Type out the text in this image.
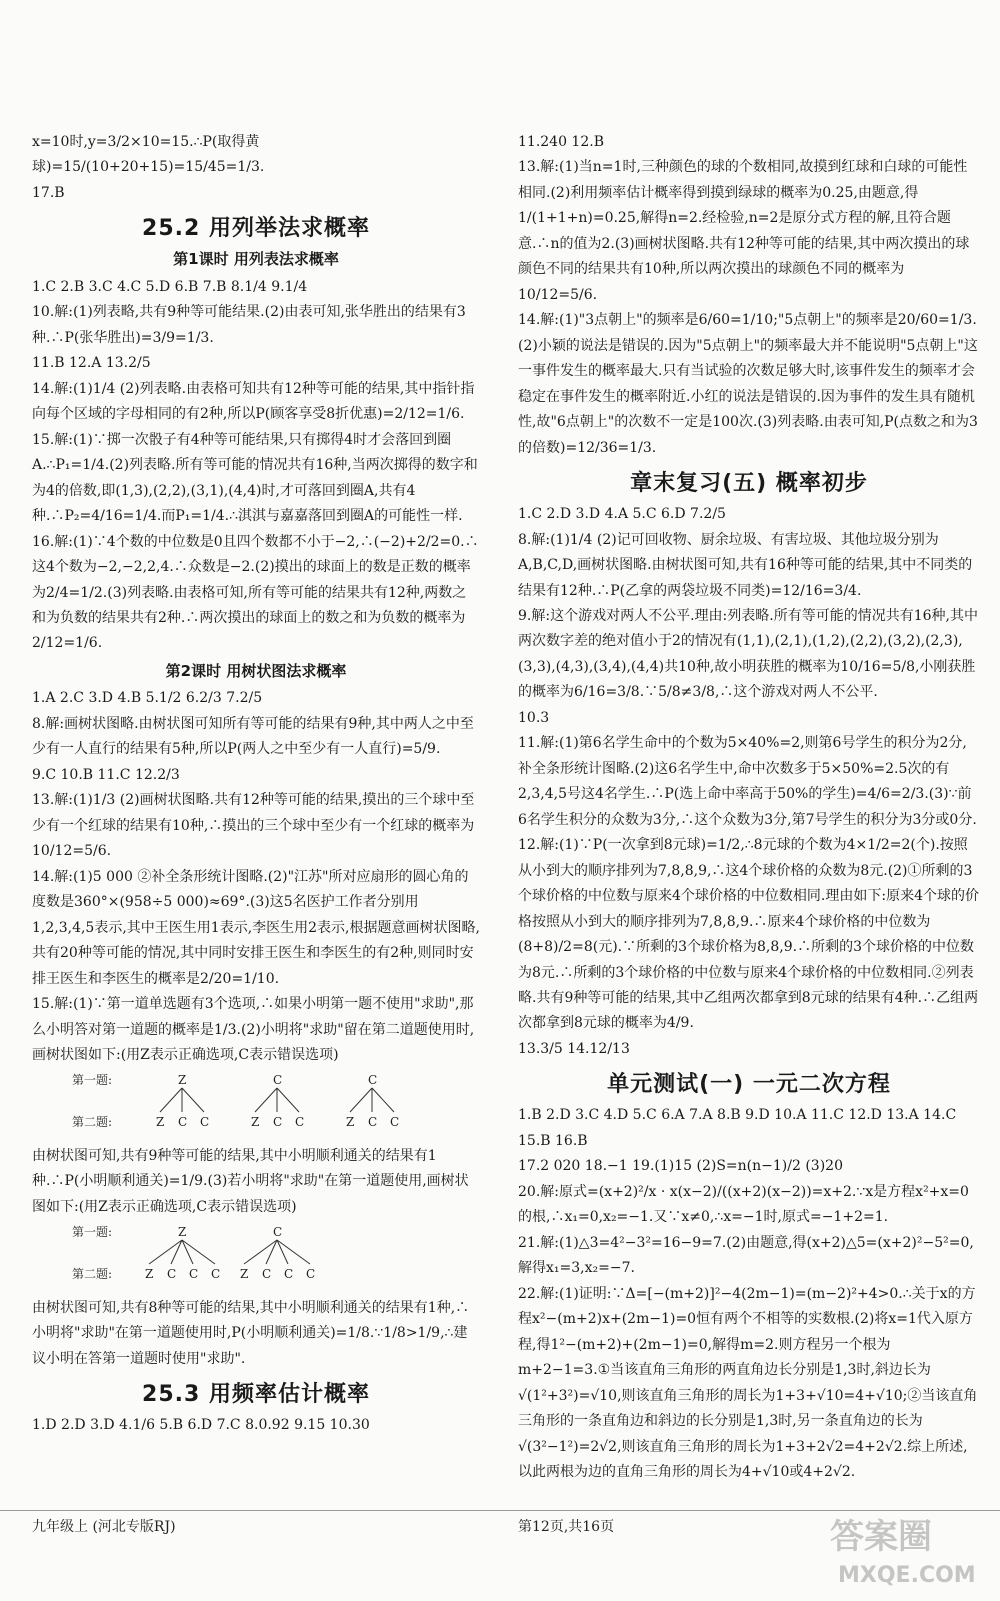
x=10时,y=3/2×10=15.∴P(取得黄球)=15/(10+20+15)=15/45=1/3.

17.B

25.2 用列举法求概率
第1课时 用列表法求概率

1.C 2.B 3.C 4.C 5.D 6.B 7.B 8.1/4 9.1/4

10.解:(1)列表略,共有9种等可能结果.(2)由表可知,张华胜出的结果有3种.∴P(张华胜出)=3/9=1/3.

11.B 12.A 13.2/5

14.解:(1)1/4 (2)列表略.由表格可知共有12种等可能的结果,其中指针指向每个区域的字母相同的有2种,所以P(顾客享受8折优惠)=2/12=1/6.

15.解:(1)∵掷一次骰子有4种等可能结果,只有掷得4时才会落回到圈A.∴P₁=1/4.(2)列表略.所有等可能的情况共有16种,当两次掷得的数字和为4的倍数,即(1,3),(2,2),(3,1),(4,4)时,才可落回到圈A,共有4种.∴P₂=4/16=1/4.而P₁=1/4.∴淇淇与嘉嘉落回到圈A的可能性一样.

16.解:(1)∵4个数的中位数是0且四个数都不小于−2,∴(−2)+2/2=0.∴这4个数为−2,−2,2,4.∴众数是−2.(2)摸出的球面上的数是正数的概率为2/4=1/2.(3)列表略.由表格可知,所有等可能的结果共有12种,两数之和为负数的结果共有2种.∴两次摸出的球面上的数之和为负数的概率为2/12=1/6.

第2课时 用树状图法求概率

1.A 2.C 3.D 4.B 5.1/2 6.2/3 7.2/5

8.解:画树状图略.由树状图可知所有等可能的结果有9种,其中两人之中至少有一人直行的结果有5种,所以P(两人之中至少有一人直行)=5/9.

9.C 10.B 11.C 12.2/3

13.解:(1)1/3 (2)画树状图略.共有12种等可能的结果,摸出的三个球中至少有一个红球的结果有10种,∴摸出的三个球中至少有一个红球的概率为10/12=5/6.

14.解:(1)5 000 ②补全条形统计图略.(2)"江苏"所对应扇形的圆心角的度数是360°×(958÷5 000)≈69°.(3)这5名医护工作者分别用1,2,3,4,5表示,其中王医生用1表示,李医生用2表示,根据题意画树状图略,共有20种等可能的情况,其中同时安排王医生和李医生的有2种,则同时安排王医生和李医生的概率是2/20=1/10.

15.解:(1)∵第一道单选题有3个选项,∴如果小明第一题不使用"求助",那么小明答对第一道题的概率是1/3.(2)小明将"求助"留在第二道题使用时,画树状图如下:(用Z表示正确选项,C表示错误选项)

第一题:
第二题:
Z
Z C C
C
Z C C
C
Z C C

由树状图可知,共有9种等可能的结果,其中小明顺利通关的结果有1种.∴P(小明顺利通关)=1/9.(3)若小明将"求助"在第一道题使用,画树状图如下:(用Z表示正确选项,C表示错误选项)

第一题:
第二题:
Z
Z C C C
C
Z C C C

由树状图可知,共有8种等可能的结果,其中小明顺利通关的结果有1种,∴小明将"求助"在第一道题使用时,P(小明顺利通关)=1/8.∵1/8>1/9,∴建议小明在答第一道题时使用"求助".

25.3 用频率估计概率

1.D 2.D 3.D 4.1/6 5.B 6.D 7.C 8.0.92 9.15 10.30

11.240 12.B

13.解:(1)当n=1时,三种颜色的球的个数相同,故摸到红球和白球的可能性相同.(2)利用频率估计概率得到摸到绿球的概率为0.25,由题意,得1/(1+1+n)=0.25,解得n=2.经检验,n=2是原分式方程的解,且符合题意.∴n的值为2.(3)画树状图略.共有12种等可能的结果,其中两次摸出的球颜色不同的结果共有10种,所以两次摸出的球颜色不同的概率为10/12=5/6.

14.解:(1)"3点朝上"的频率是6/60=1/10;"5点朝上"的频率是20/60=1/3.(2)小颖的说法是错误的.因为"5点朝上"的频率最大并不能说明"5点朝上"这一事件发生的概率最大.只有当试验的次数足够大时,该事件发生的频率才会稳定在事件发生的概率附近.小红的说法是错误的.因为事件的发生具有随机性,故"6点朝上"的次数不一定是100次.(3)列表略.由表可知,P(点数之和为3的倍数)=12/36=1/3.

章末复习(五) 概率初步

1.C 2.D 3.D 4.A 5.C 6.D 7.2/5

8.解:(1)1/4 (2)记可回收物、厨余垃圾、有害垃圾、其他垃圾分别为A,B,C,D,画树状图略.由树状图可知,共有16种等可能的结果,其中不同类的结果有12种.∴P(乙拿的两袋垃圾不同类)=12/16=3/4.

9.解:这个游戏对两人不公平.理由:列表略.所有等可能的情况共有16种,其中两次数字差的绝对值小于2的情况有(1,1),(2,1),(1,2),(2,2),(3,2),(2,3),(3,3),(4,3),(3,4),(4,4)共10种,故小明获胜的概率为10/16=5/8,小刚获胜的概率为6/16=3/8.∵5/8≠3/8,∴这个游戏对两人不公平.

10.3

11.解:(1)第6名学生命中的个数为5×40%=2,则第6号学生的积分为2分,补全条形统计图略.(2)这6名学生中,命中次数多于5×50%=2.5次的有2,3,4,5号这4名学生.∴P(选上命中率高于50%的学生)=4/6=2/3.(3)∵前6名学生积分的众数为3分,∴这个众数为3分,第7号学生的积分为3分或0分.

12.解:(1)∵P(一次拿到8元球)=1/2,∴8元球的个数为4×1/2=2(个).按照从小到大的顺序排列为7,8,8,9,∴这4个球价格的众数为8元.(2)①所剩的3个球价格的中位数与原来4个球价格的中位数相同.理由如下:原来4个球的价格按照从小到大的顺序排列为7,8,8,9.∴原来4个球价格的中位数为(8+8)/2=8(元).∵所剩的3个球价格为8,8,9.∴所剩的3个球价格的中位数为8元.∴所剩的3个球价格的中位数与原来4个球价格的中位数相同.②列表略.共有9种等可能的结果,其中乙组两次都拿到8元球的结果有4种.∴乙组两次都拿到8元球的概率为4/9.

13.3/5 14.12/13

单元测试(一) 一元二次方程

1.B 2.D 3.C 4.D 5.C 6.A 7.A 8.B 9.D 10.A 11.C 12.D 13.A 14.C 15.B 16.B

17.2 020 18.−1 19.(1)15 (2)S=n(n−1)/2 (3)20

20.解:原式=(x+2)²/x · x(x−2)/((x+2)(x−2))=x+2.∵x是方程x²+x=0的根,∴x₁=0,x₂=−1.又∵x≠0,∴x=−1时,原式=−1+2=1.

21.解:(1)△3=4²−3²=16−9=7.(2)由题意,得(x+2)△5=(x+2)²−5²=0,解得x₁=3,x₂=−7.

22.解:(1)证明:∵Δ=[−(m+2)]²−4(2m−1)=(m−2)²+4>0.∴关于x的方程x²−(m+2)x+(2m−1)=0恒有两个不相等的实数根.(2)将x=1代入原方程,得1²−(m+2)+(2m−1)=0,解得m=2.则方程另一个根为m+2−1=3.①当该直角三角形的两直角边长分别是1,3时,斜边长为√(1²+3²)=√10,则该直角三角形的周长为1+3+√10=4+√10;②当该直角三角形的一条直角边和斜边的长分别是1,3时,另一条直角边的长为√(3²−1²)=2√2,则该直角三角形的周长为1+3+2√2=4+2√2.综上所述,以此两根为边的直角三角形的周长为4+√10或4+2√2.

九年级上 (河北专版RJ)	第12页,共16页	答案圈
MXQE.COM
